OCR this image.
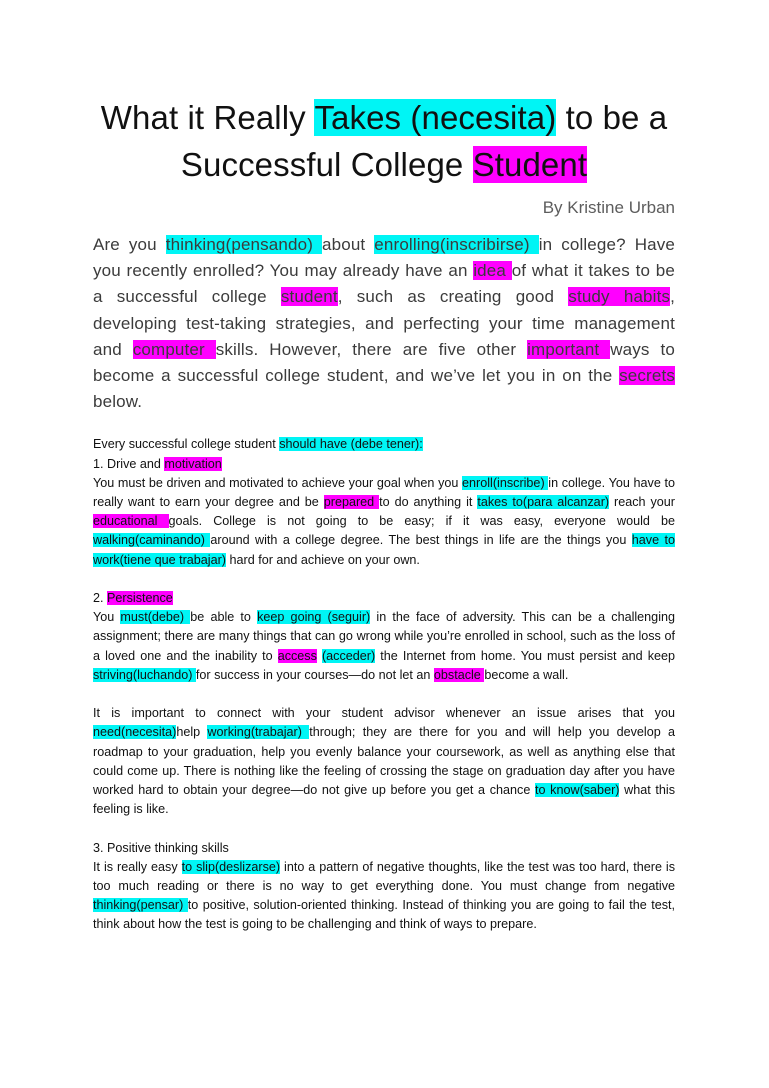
What it Really Takes (necesita) to be a Successful College Student
By Kristine Urban
Are you thinking(pensando) about enrolling(inscribirse) in college? Have you recently enrolled? You may already have an idea of what it takes to be a successful college student, such as creating good study habits, developing test-taking strategies, and perfecting your time management and computer skills. However, there are five other important ways to become a successful college student, and we’ve let you in on the secrets below.

Every successful college student should have (debe tener):

1. Drive and motivation

You must be driven and motivated to achieve your goal when you enroll(inscribe) in college. You have to really want to earn your degree and be prepared to do anything it takes to(para alcanzar) reach your educational goals. College is not going to be easy; if it was easy, everyone would be walking(caminando) around with a college degree. The best things in life are the things you have to work(tiene que trabajar) hard for and achieve on your own.

2. Persistence

You must(debe) be able to keep going (seguir) in the face of adversity. This can be a challenging assignment; there are many things that can go wrong while you’re enrolled in school, such as the loss of a loved one and the inability to access (acceder) the Internet from home. You must persist and keep striving(luchando) for success in your courses—do not let an obstacle become a wall.

It is important to connect with your student advisor whenever an issue arises that you need(necesita)help working(trabajar) through; they are there for you and will help you develop a roadmap to your graduation, help you evenly balance your coursework, as well as anything else that could come up. There is nothing like the feeling of crossing the stage on graduation day after you have worked hard to obtain your degree—do not give up before you get a chance to know(saber) what this feeling is like.

3. Positive thinking skills

It is really easy to slip(deslizarse) into a pattern of negative thoughts, like the test was too hard, there is too much reading or there is no way to get everything done. You must change from negative thinking(pensar) to positive, solution-oriented thinking. Instead of thinking you are going to fail the test, think about how the test is going to be challenging and think of ways to prepare.
